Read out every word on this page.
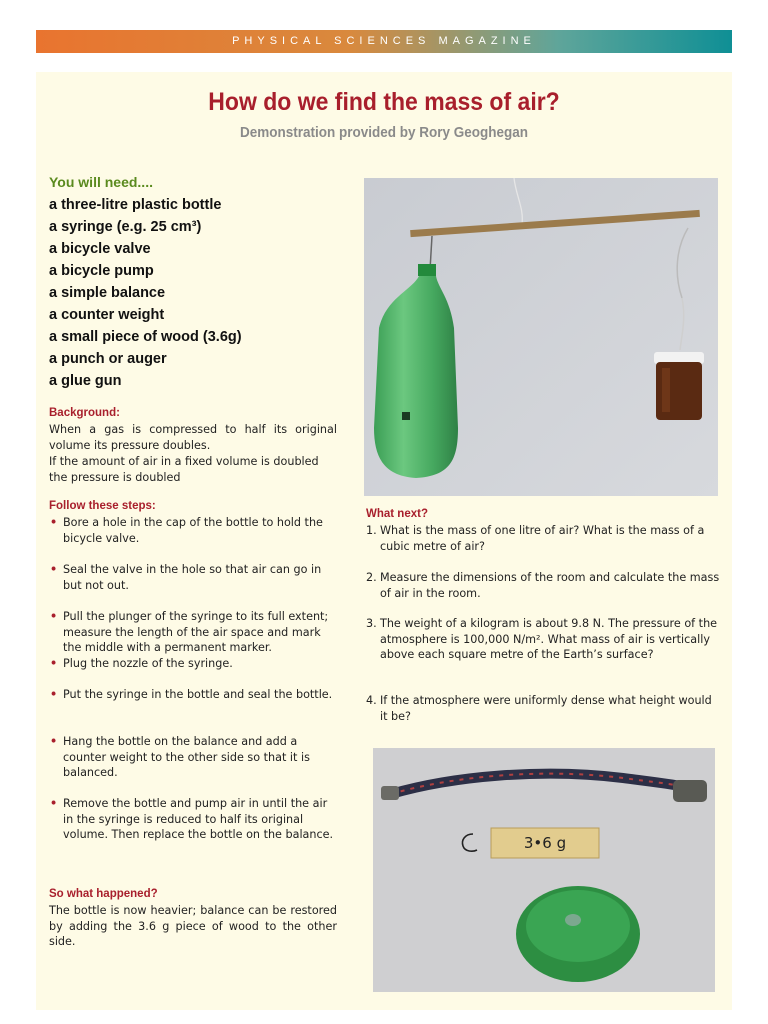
PHYSICAL SCIENCES MAGAZINE
How do we find the mass of air?
Demonstration provided by Rory Geoghegan
You will need....
a three-litre plastic bottle
a syringe (e.g. 25 cm³)
a bicycle valve
a bicycle pump
a simple balance
a counter weight
a small piece of wood (3.6g)
a punch or auger
a glue gun
Background:
When a gas is compressed to half its original volume its pressure doubles.
If the amount of air in a fixed volume is doubled the pressure is doubled
Follow these steps:
• Bore a hole in the cap of the bottle to hold the bicycle valve.
• Seal the valve in the hole so that air can go in but not out.
• Pull the plunger of the syringe to its full extent; measure the length of the air space and mark the middle with a permanent marker.
• Plug the nozzle of the syringe.
• Put the syringe in the bottle and seal the bottle.
• Hang the bottle on the balance and add a counter weight to the other side so that it is balanced.
• Remove the bottle and pump air in until the air in the syringe is reduced to half its original volume. Then replace the bottle on the balance.
So what happened?
The bottle is now heavier; balance can be restored by adding the 3.6 g piece of wood to the other side.
What next?
1. What is the mass of one litre of air? What is the mass of a cubic metre of air?
2. Measure the dimensions of the room and calculate the mass of air in the room.
3. The weight of a kilogram is about 9.8 N. The pressure of the atmosphere is 100,000 N/m². What mass of air is vertically above each square metre of the Earth’s surface?
4. If the atmosphere were uniformly dense what height would it be?
3•6 g
